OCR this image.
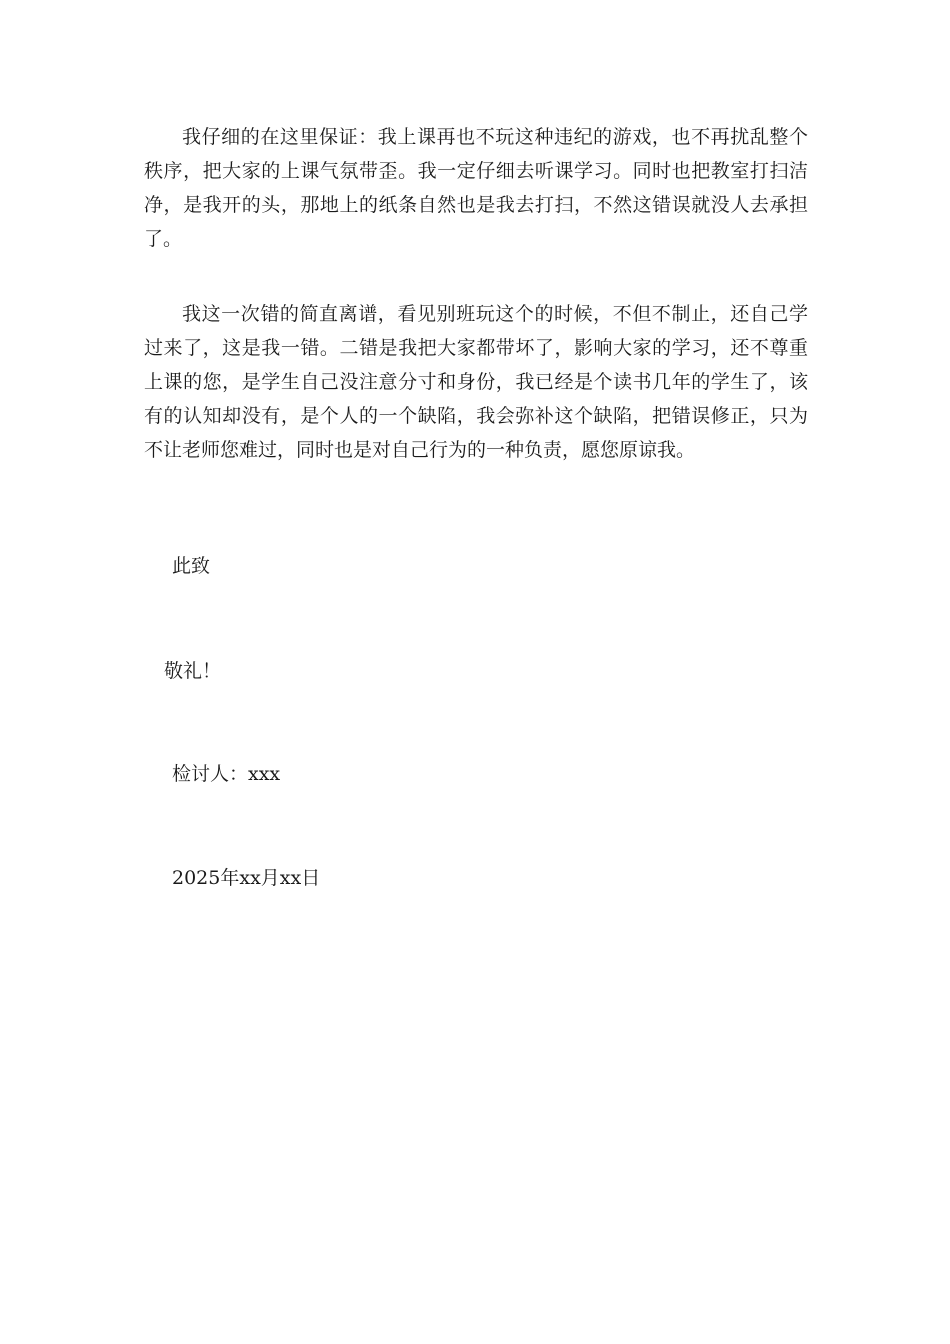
我仔细的在这里保证：我上课再也不玩这种违纪的游戏，也不再扰乱整个秩序，把大家的上课气氛带歪。我一定仔细去听课学习。同时也把教室打扫洁净，是我开的头，那地上的纸条自然也是我去打扫，不然这错误就没人去承担了。

我这一次错的简直离谱，看见别班玩这个的时候，不但不制止，还自己学过来了，这是我一错。二错是我把大家都带坏了，影响大家的学习，还不尊重上课的您，是学生自己没注意分寸和身份，我已经是个读书几年的学生了，该有的认知却没有，是个人的一个缺陷，我会弥补这个缺陷，把错误修正，只为不让老师您难过，同时也是对自己行为的一种负责，愿您原谅我。

此致

敬礼！

检讨人：xxx

2025年xx月xx日
